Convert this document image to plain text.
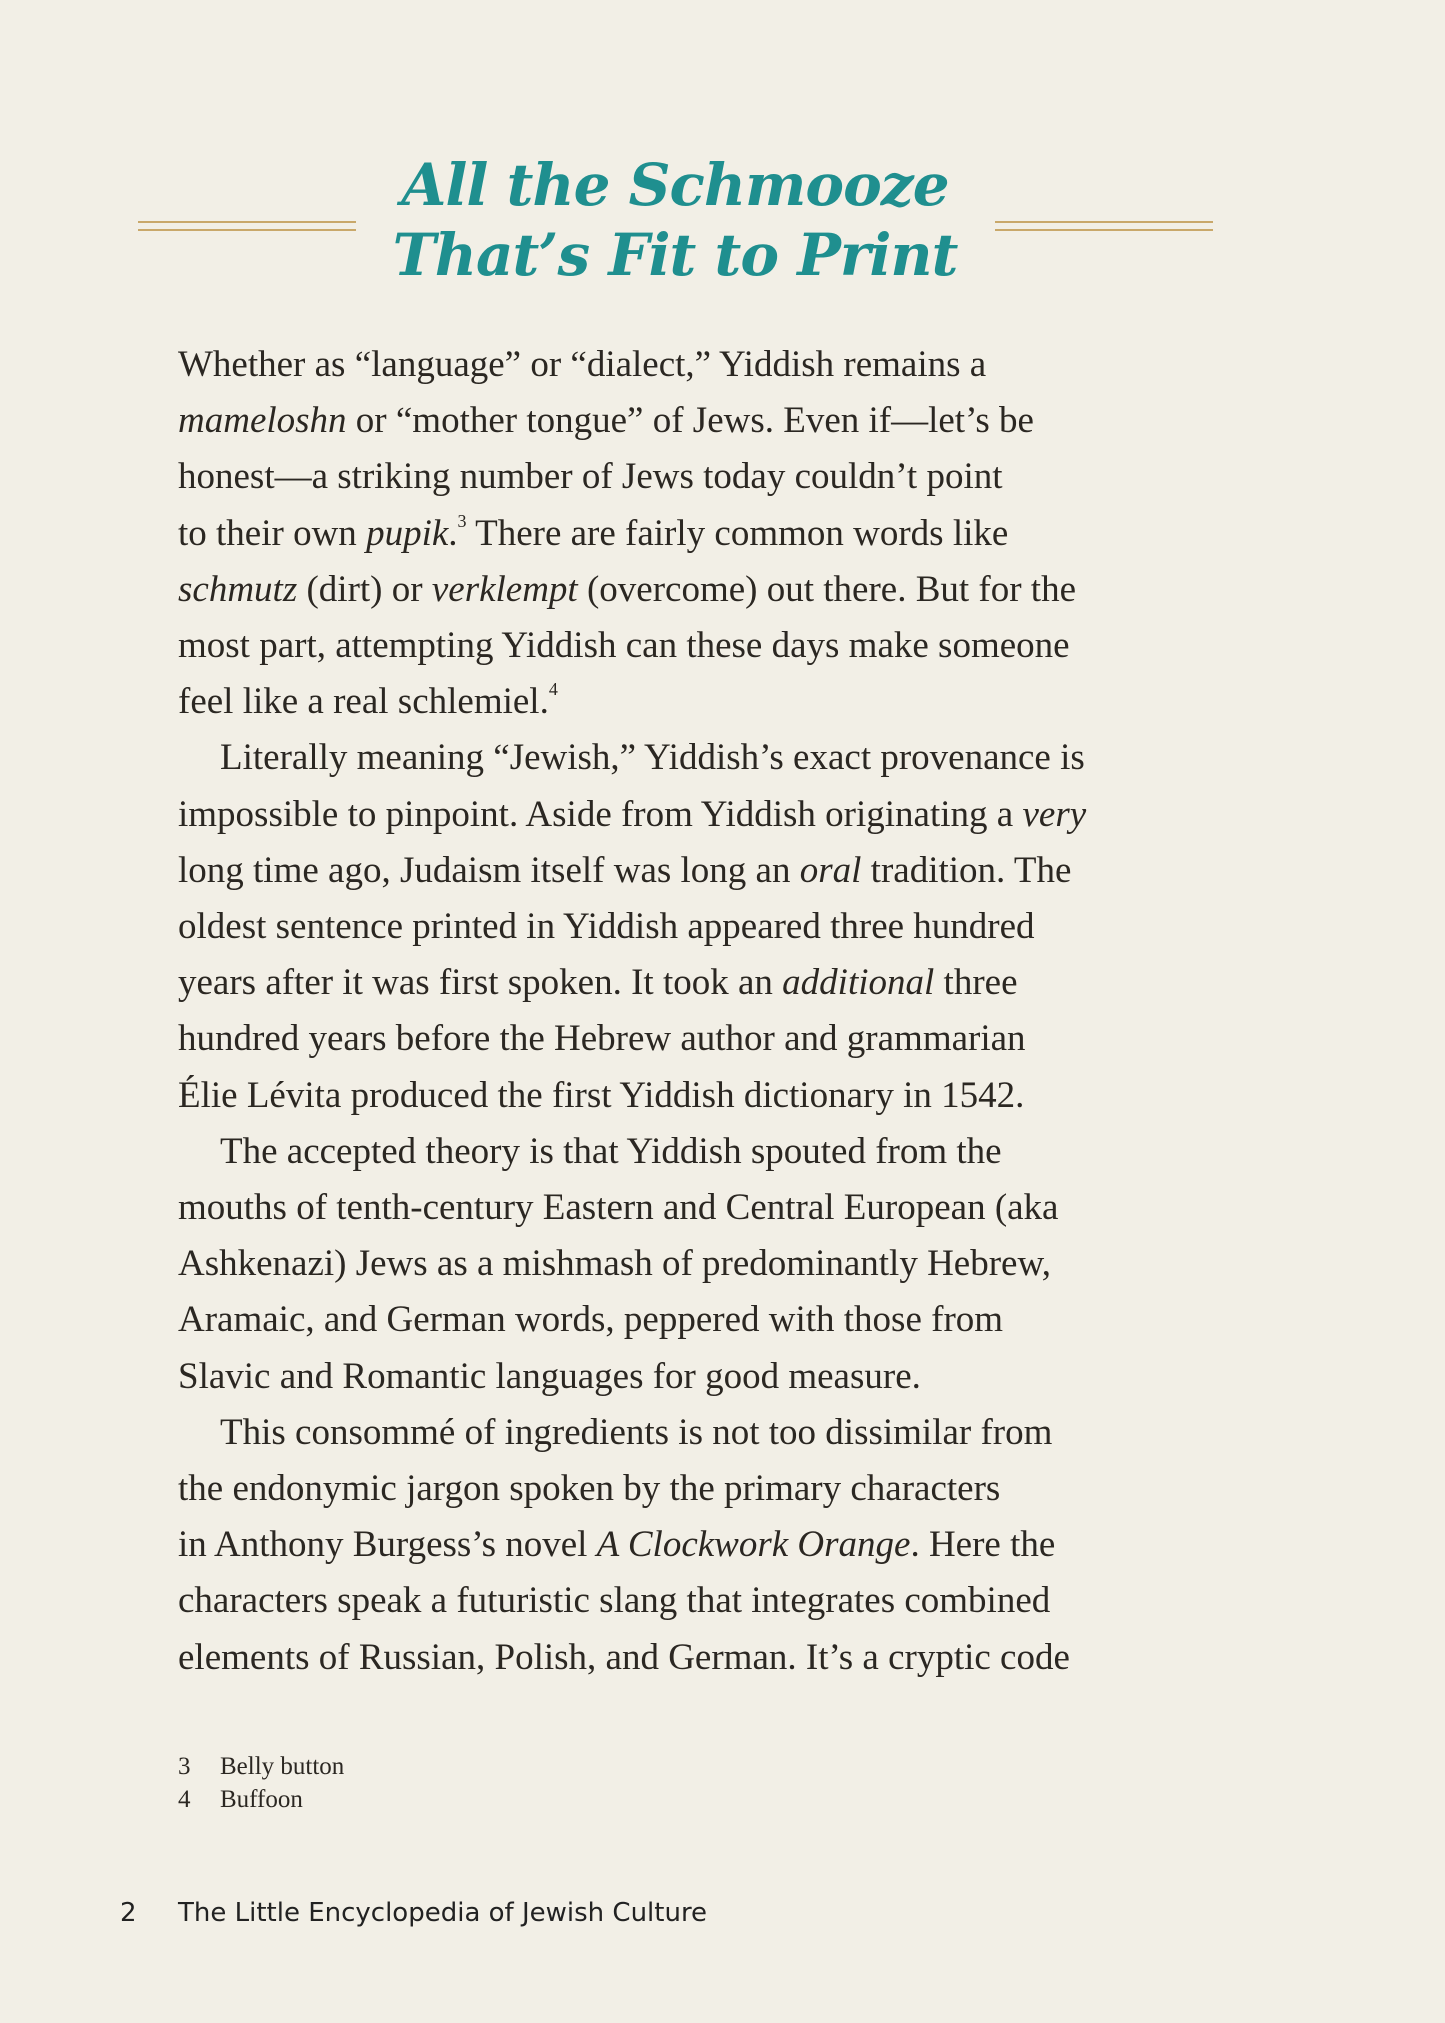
All the Schmooze
That’s Fit to Print

Whether as “language” or “dialect,” Yiddish remains a
mameloshn or “mother tongue” of Jews. Even if—let’s be
honest—a striking number of Jews today couldn’t point
to their own pupik.$^3$ There are fairly common words like
schmutz (dirt) or verklempt (overcome) out there. But for the
most part, attempting Yiddish can these days make someone
feel like a real schlemiel.$^4$

Literally meaning “Jewish,” Yiddish’s exact provenance is
impossible to pinpoint. Aside from Yiddish originating a very
long time ago, Judaism itself was long an oral tradition. The
oldest sentence printed in Yiddish appeared three hundred
years after it was first spoken. It took an additional three
hundred years before the Hebrew author and grammarian
Élie Lévita produced the first Yiddish dictionary in 1542.

The accepted theory is that Yiddish spouted from the
mouths of tenth-century Eastern and Central European (aka
Ashkenazi) Jews as a mishmash of predominantly Hebrew,
Aramaic, and German words, peppered with those from
Slavic and Romantic languages for good measure.

This consommé of ingredients is not too dissimilar from
the endonymic jargon spoken by the primary characters
in Anthony Burgess’s novel A Clockwork Orange. Here the
characters speak a futuristic slang that integrates combined
elements of Russian, Polish, and German. It’s a cryptic code

3 Belly button
4 Buffoon
2 The Little Encyclopedia of Jewish Culture
